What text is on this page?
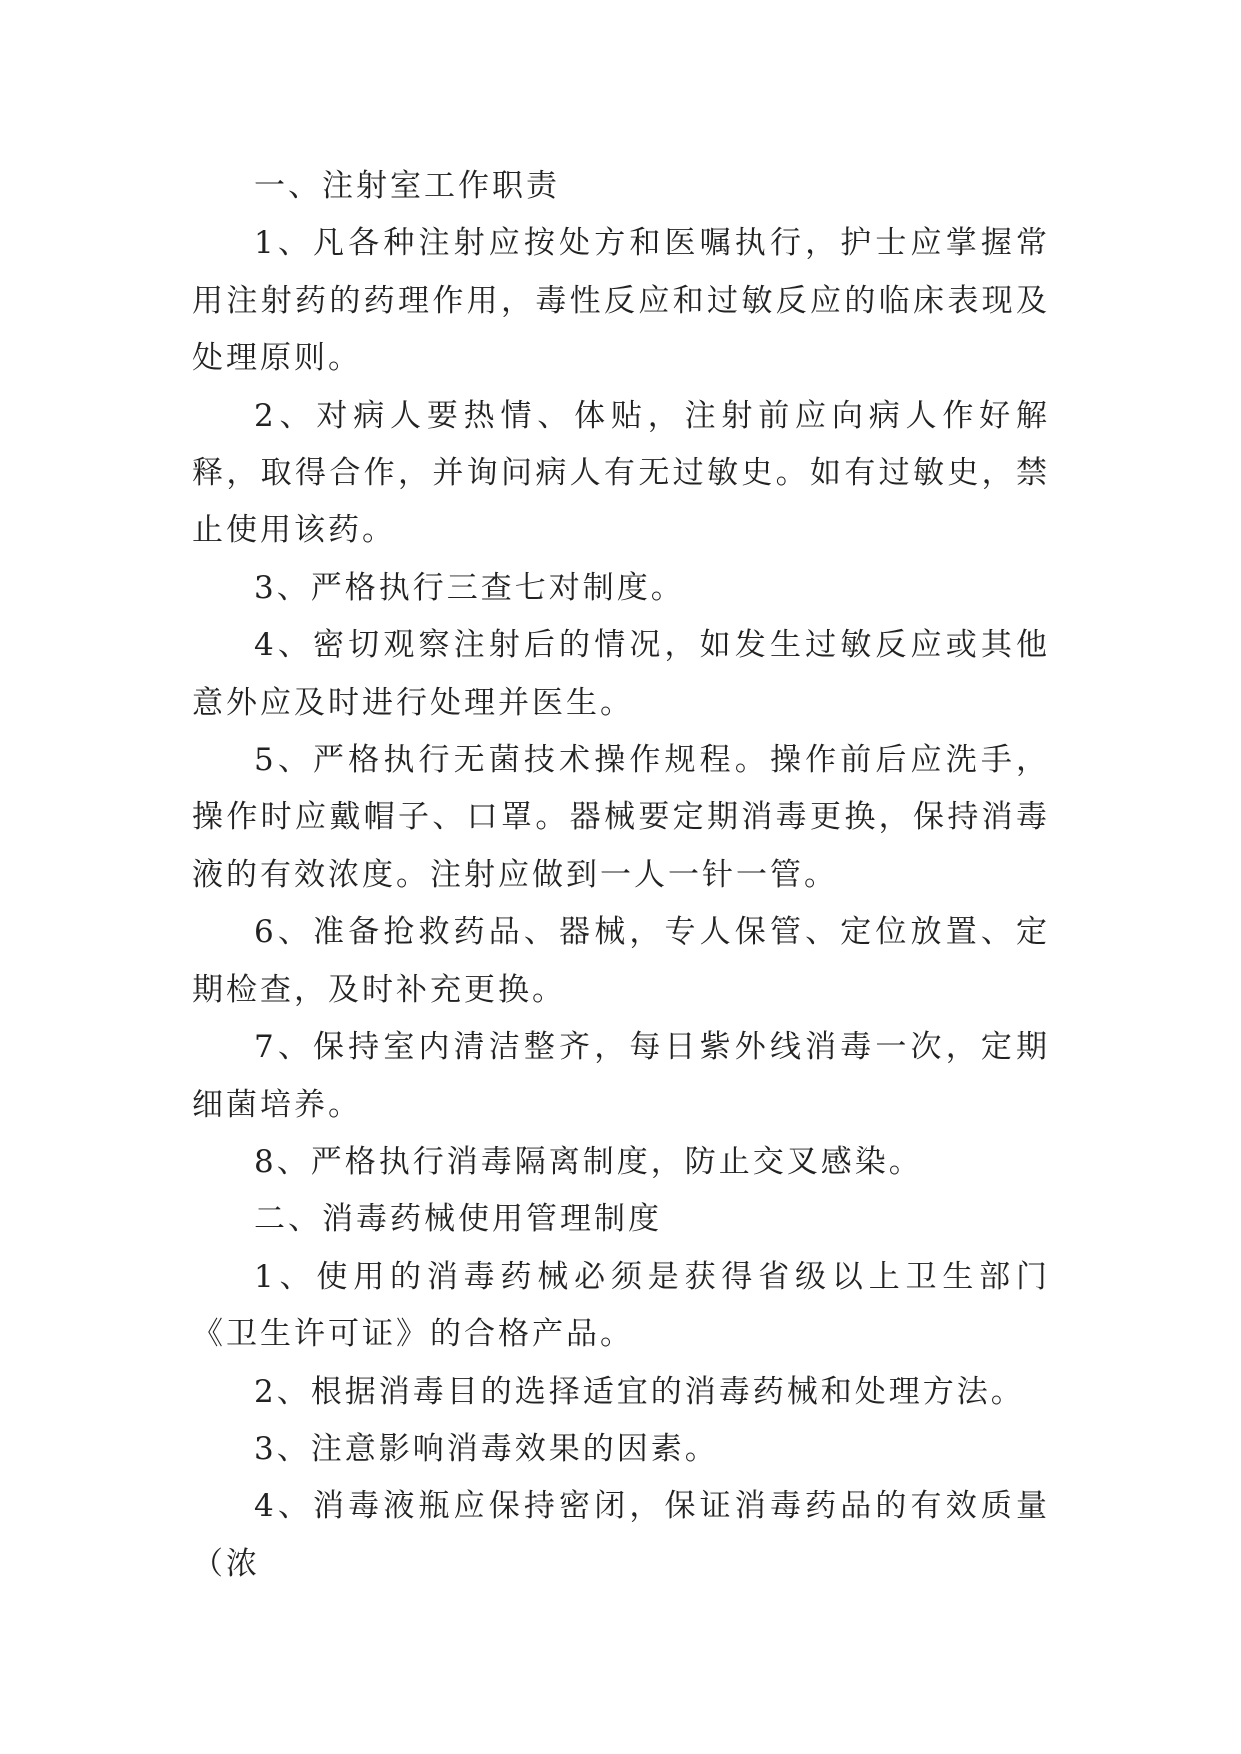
一、注射室工作职责

1、凡各种注射应按处方和医嘱执行，护士应掌握常用注射药的药理作用，毒性反应和过敏反应的临床表现及处理原则。

2、对病人要热情、体贴，注射前应向病人作好解释，取得合作，并询问病人有无过敏史。如有过敏史，禁止使用该药。

3、严格执行三查七对制度。

4、密切观察注射后的情况，如发生过敏反应或其他意外应及时进行处理并医生。

5、严格执行无菌技术操作规程。操作前后应洗手，操作时应戴帽子、口罩。器械要定期消毒更换，保持消毒液的有效浓度。注射应做到一人一针一管。

6、准备抢救药品、器械，专人保管、定位放置、定期检查，及时补充更换。

7、保持室内清洁整齐，每日紫外线消毒一次，定期细菌培养。

8、严格执行消毒隔离制度，防止交叉感染。

二、消毒药械使用管理制度

1、使用的消毒药械必须是获得省级以上卫生部门《卫生许可证》的合格产品。

2、根据消毒目的选择适宜的消毒药械和处理方法。

3、注意影响消毒效果的因素。

4、消毒液瓶应保持密闭，保证消毒药品的有效质量（浓
